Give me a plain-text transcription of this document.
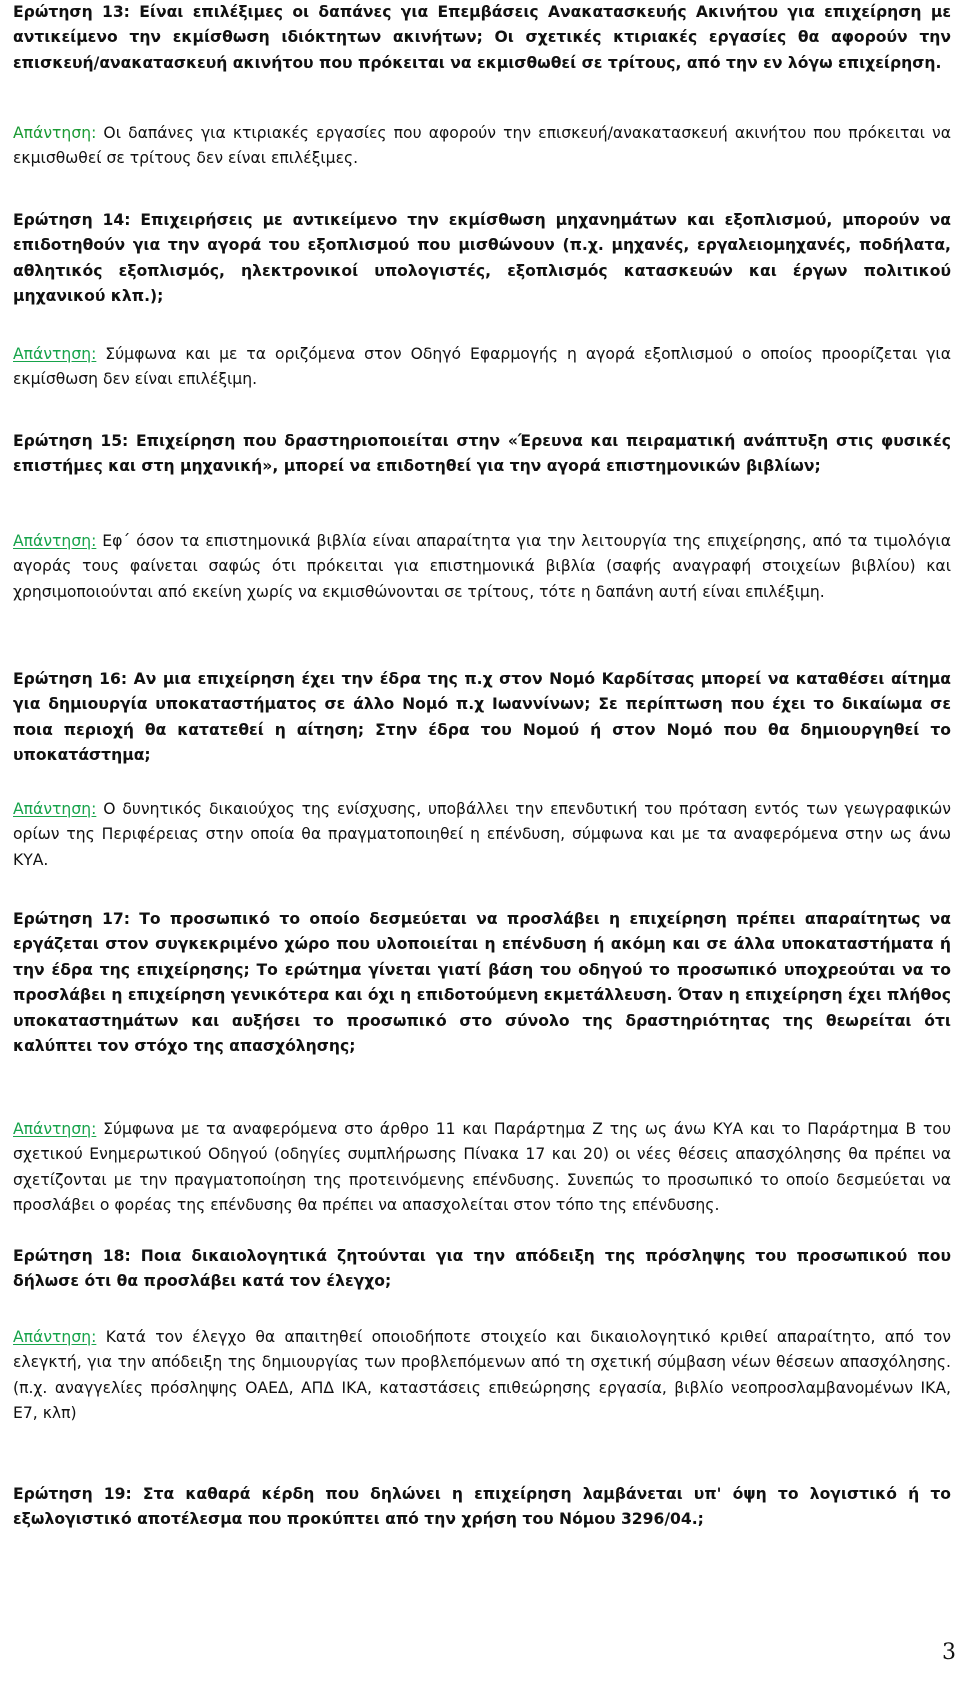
Ερώτηση 13: Είναι επιλέξιμες οι δαπάνες για Επεμβάσεις Ανακατασκευής Ακινήτου για επιχείρηση με αντικείμενο την εκμίσθωση ιδιόκτητων ακινήτων; Οι σχετικές κτιριακές εργασίες θα αφορούν την επισκευή/ανακατασκευή ακινήτου που πρόκειται να εκμισθωθεί σε τρίτους, από την εν λόγω επιχείρηση.

Απάντηση: Οι δαπάνες για κτιριακές εργασίες που αφορούν την επισκευή/ανακατασκευή ακινήτου που πρόκειται να εκμισθωθεί σε τρίτους δεν είναι επιλέξιμες.

Ερώτηση 14: Επιχειρήσεις με αντικείμενο την εκμίσθωση μηχανημάτων και εξοπλισμού, μπορούν να επιδοτηθούν για την αγορά του εξοπλισμού που μισθώνουν (π.χ. μηχανές, εργαλειομηχανές, ποδήλατα, αθλητικός εξοπλισμός, ηλεκτρονικοί υπολογιστές, εξοπλισμός κατασκευών και έργων πολιτικού μηχανικού κλπ.);

Απάντηση: Σύμφωνα και με τα οριζόμενα στον Οδηγό Εφαρμογής η αγορά εξοπλισμού ο οποίος προορίζεται για εκμίσθωση δεν είναι επιλέξιμη.

Ερώτηση 15: Επιχείρηση που δραστηριοποιείται στην «Έρευνα και πειραματική ανάπτυξη στις φυσικές επιστήμες και στη μηχανική», μπορεί να επιδοτηθεί για την αγορά επιστημονικών βιβλίων;

Απάντηση: Εφ΄ όσον τα επιστημονικά βιβλία είναι απαραίτητα για την λειτουργία της επιχείρησης, από τα τιμολόγια αγοράς τους φαίνεται σαφώς ότι πρόκειται για επιστημονικά βιβλία (σαφής αναγραφή στοιχείων βιβλίου) και χρησιμοποιούνται από εκείνη χωρίς να εκμισθώνονται σε τρίτους, τότε η δαπάνη αυτή είναι επιλέξιμη.

Ερώτηση 16: Αν μια επιχείρηση έχει την έδρα της π.χ στον Νομό Καρδίτσας μπορεί να καταθέσει αίτημα για δημιουργία υποκαταστήματος σε άλλο Νομό π.χ Ιωαννίνων; Σε περίπτωση που έχει το δικαίωμα σε ποια περιοχή θα κατατεθεί η αίτηση; Στην έδρα του Νομού ή στον Νομό που θα δημιουργηθεί το υποκατάστημα;

Απάντηση: Ο δυνητικός δικαιούχος της ενίσχυσης, υποβάλλει την επενδυτική του πρόταση εντός των γεωγραφικών ορίων της Περιφέρειας στην οποία θα πραγματοποιηθεί η επένδυση, σύμφωνα και με τα αναφερόμενα στην ως άνω ΚΥΑ.

Ερώτηση 17: Το προσωπικό το οποίο δεσμεύεται να προσλάβει η επιχείρηση πρέπει απαραίτητως να εργάζεται στον συγκεκριμένο χώρο που υλοποιείται η επένδυση ή ακόμη και σε άλλα υποκαταστήματα ή την έδρα της επιχείρησης; Το ερώτημα γίνεται γιατί βάση του οδηγού το προσωπικό υποχρεούται να το προσλάβει η επιχείρηση γενικότερα και όχι η επιδοτούμενη εκμετάλλευση. Όταν η επιχείρηση έχει πλήθος υποκαταστημάτων και αυξήσει το προσωπικό στο σύνολο της δραστηριότητας της θεωρείται ότι καλύπτει τον στόχο της απασχόλησης;

Απάντηση: Σύμφωνα με τα αναφερόμενα στο άρθρο 11 και Παράρτημα Ζ της ως άνω ΚΥΑ και το Παράρτημα Β του σχετικού Ενημερωτικού Οδηγού (οδηγίες συμπλήρωσης Πίνακα 17 και 20) οι νέες θέσεις απασχόλησης θα πρέπει να σχετίζονται με την πραγματοποίηση της προτεινόμενης επένδυσης. Συνεπώς το προσωπικό το οποίο δεσμεύεται να προσλάβει ο φορέας της επένδυσης θα πρέπει να απασχολείται στον τόπο της επένδυσης.

Ερώτηση 18: Ποια δικαιολογητικά ζητούνται για την απόδειξη της πρόσληψης του προσωπικού που δήλωσε ότι θα προσλάβει κατά τον έλεγχο;

Απάντηση: Κατά τον έλεγχο θα απαιτηθεί οποιοδήποτε στοιχείο και δικαιολογητικό κριθεί απαραίτητο, από τον ελεγκτή, για την απόδειξη της δημιουργίας των προβλεπόμενων από τη σχετική σύμβαση νέων θέσεων απασχόλησης.(π.χ. αναγγελίες πρόσληψης ΟΑΕΔ, ΑΠΔ ΙΚΑ, καταστάσεις επιθεώρησης εργασία, βιβλίο νεοπροσλαμβανομένων ΙΚΑ, Ε7, κλπ)

Ερώτηση 19: Στα καθαρά κέρδη που δηλώνει η επιχείρηση λαμβάνεται υπ' όψη το λογιστικό ή το εξωλογιστικό αποτέλεσμα που προκύπτει από την χρήση του Νόμου 3296/04.;

3
